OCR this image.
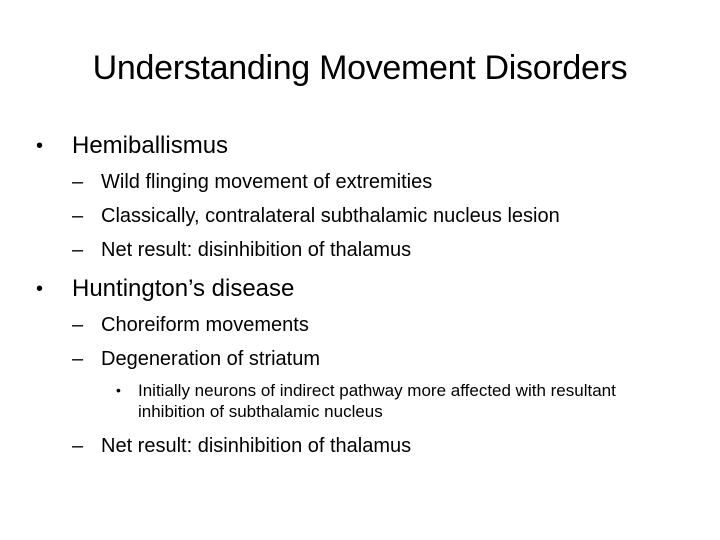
Understanding Movement Disorders
• Hemiballismus
– Wild flinging movement of extremities
– Classically, contralateral subthalamic nucleus lesion
– Net result: disinhibition of thalamus
• Huntington’s disease
– Choreiform movements
– Degeneration of striatum
• Initially neurons of indirect pathway more affected with resultant inhibition of subthalamic nucleus
– Net result: disinhibition of thalamus
